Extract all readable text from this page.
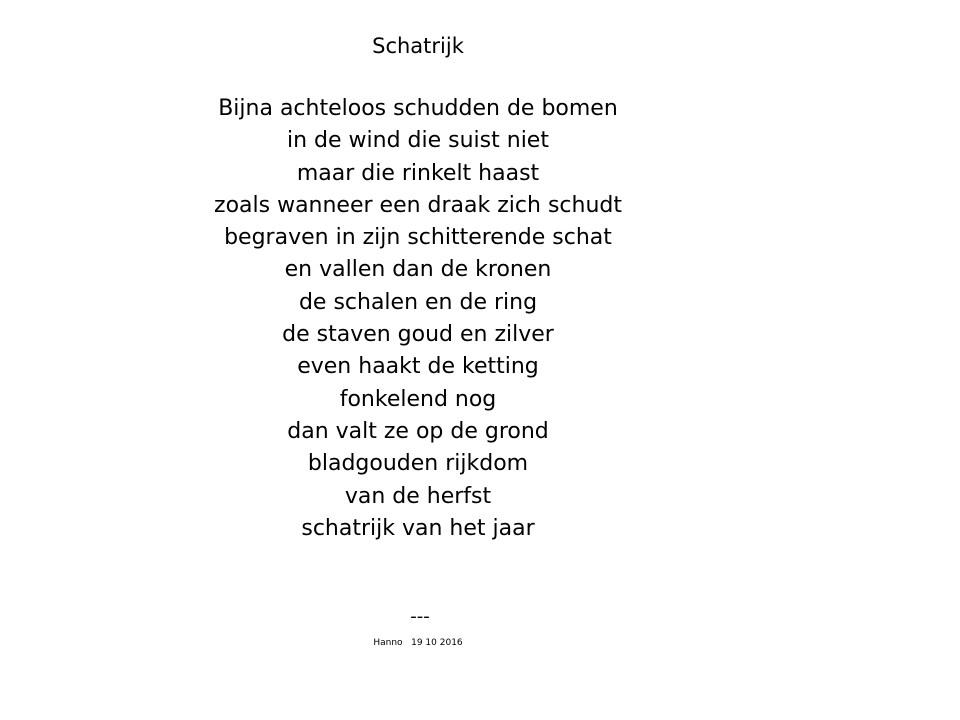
Schatrijk
Bijna achteloos schudden de bomen
in de wind die suist niet
maar die rinkelt haast
zoals wanneer een draak zich schudt
begraven in zijn schitterende schat
en vallen dan de kronen
de schalen en de ring
de staven goud en zilver
even haakt de ketting
fonkelend nog
dan valt ze op de grond
bladgouden rijkdom
van de herfst
schatrijk van het jaar
---
Hanno   19 10 2016
